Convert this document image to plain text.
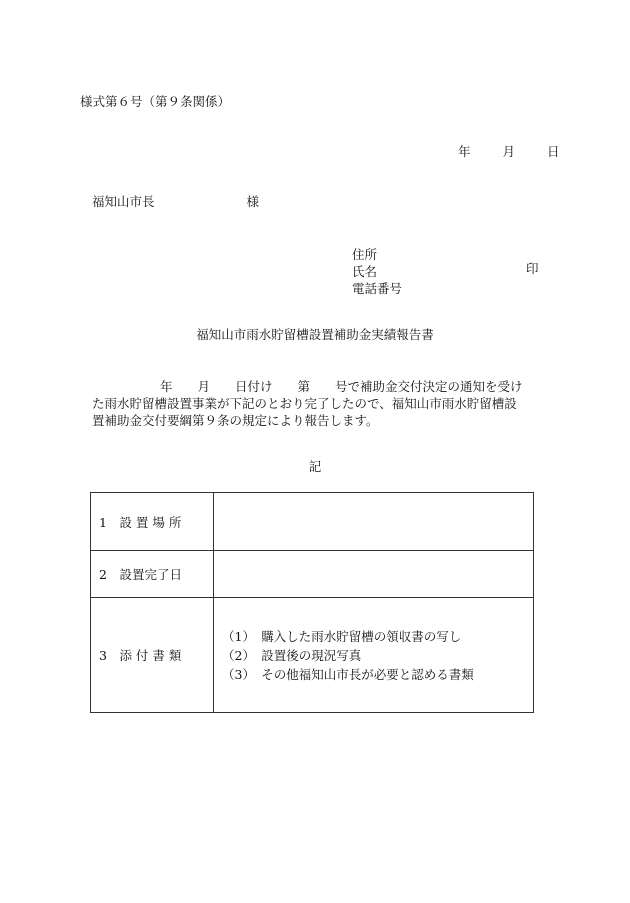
様式第６号（第９条関係）
年	月	日
福知山市長	様
住所
氏名
電話番号
印
福知山市雨水貯留槽設置補助金実績報告書
年　　月　　日付け　　第　　号で補助金交付決定の通知を受け
た雨水貯留槽設置事業が下記のとおり完了したので、福知山市雨水貯留槽設
置補助金交付要綱第９条の規定により報告します。
記
1　設 置 場 所	
2　設置完了日	
3　添 付 書 類	（1）　購入した雨水貯留槽の領収書の写し
（2）　設置後の現況写真
（3）　その他福知山市長が必要と認める書類
